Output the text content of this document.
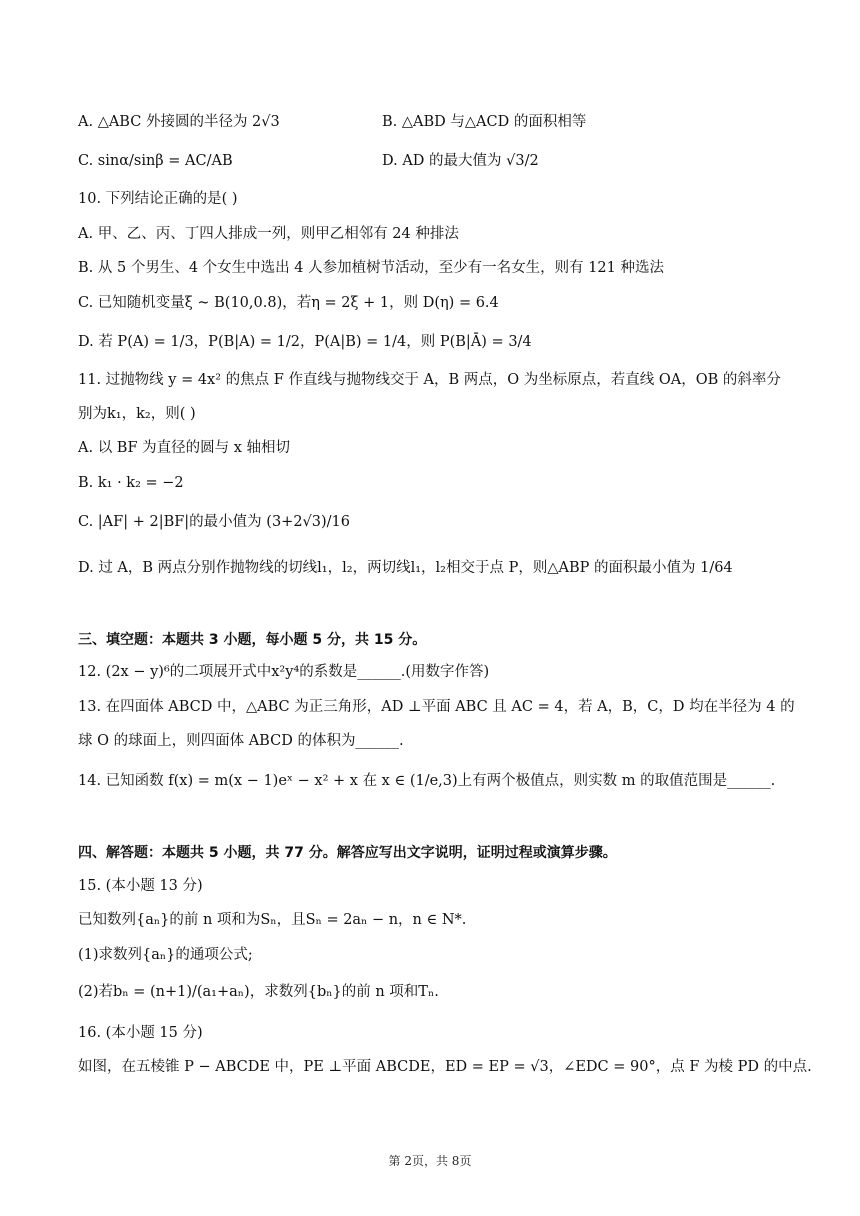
A. △ABC 外接圆的半径为 2√3	B. △ABD 与△ACD 的面积相等
C. sinα/sinβ = AC/AB	D. AD 的最大值为 √3/2
10. 下列结论正确的是( )
A. 甲、乙、丙、丁四人排成一列，则甲乙相邻有 24 种排法
B. 从 5 个男生、4 个女生中选出 4 人参加植树节活动，至少有一名女生，则有 121 种选法
C. 已知随机变量ξ ~ B(10,0.8)，若η = 2ξ + 1，则 D(η) = 6.4
D. 若 P(A) = 1/3，P(B|A) = 1/2，P(A|B) = 1/4，则 P(B|Ā) = 3/4
11. 过抛物线 y = 4x² 的焦点 F 作直线与抛物线交于 A，B 两点，O 为坐标原点，若直线 OA，OB 的斜率分
别为k₁，k₂，则( )
A. 以 BF 为直径的圆与 x 轴相切
B. k₁ · k₂ = −2
C. |AF| + 2|BF|的最小值为 (3+2√3)/16
D. 过 A，B 两点分别作抛物线的切线l₁，l₂，两切线l₁，l₂相交于点 P，则△ABP 的面积最小值为 1/64
三、填空题：本题共 3 小题，每小题 5 分，共 15 分。
12. (2x − y)⁶的二项展开式中x²y⁴的系数是______.(用数字作答)
13. 在四面体 ABCD 中，△ABC 为正三角形，AD ⊥平面 ABC 且 AC = 4，若 A，B，C，D 均在半径为 4 的
球 O 的球面上，则四面体 ABCD 的体积为______.
14. 已知函数 f(x) = m(x − 1)eˣ − x² + x 在 x ∈ (1/e,3)上有两个极值点，则实数 m 的取值范围是______.
四、解答题：本题共 5 小题，共 77 分。解答应写出文字说明，证明过程或演算步骤。
15. (本小题 13 分)
已知数列{aₙ}的前 n 项和为Sₙ，且Sₙ = 2aₙ − n，n ∈ N*.
(1)求数列{aₙ}的通项公式;
(2)若bₙ = (n+1)/(a₁+aₙ)，求数列{bₙ}的前 n 项和Tₙ.
16. (本小题 15 分)
如图，在五棱锥 P − ABCDE 中，PE ⊥平面 ABCDE，ED = EP = √3，∠EDC = 90°，点 F 为棱 PD 的中点.
第 2页，共 8页
